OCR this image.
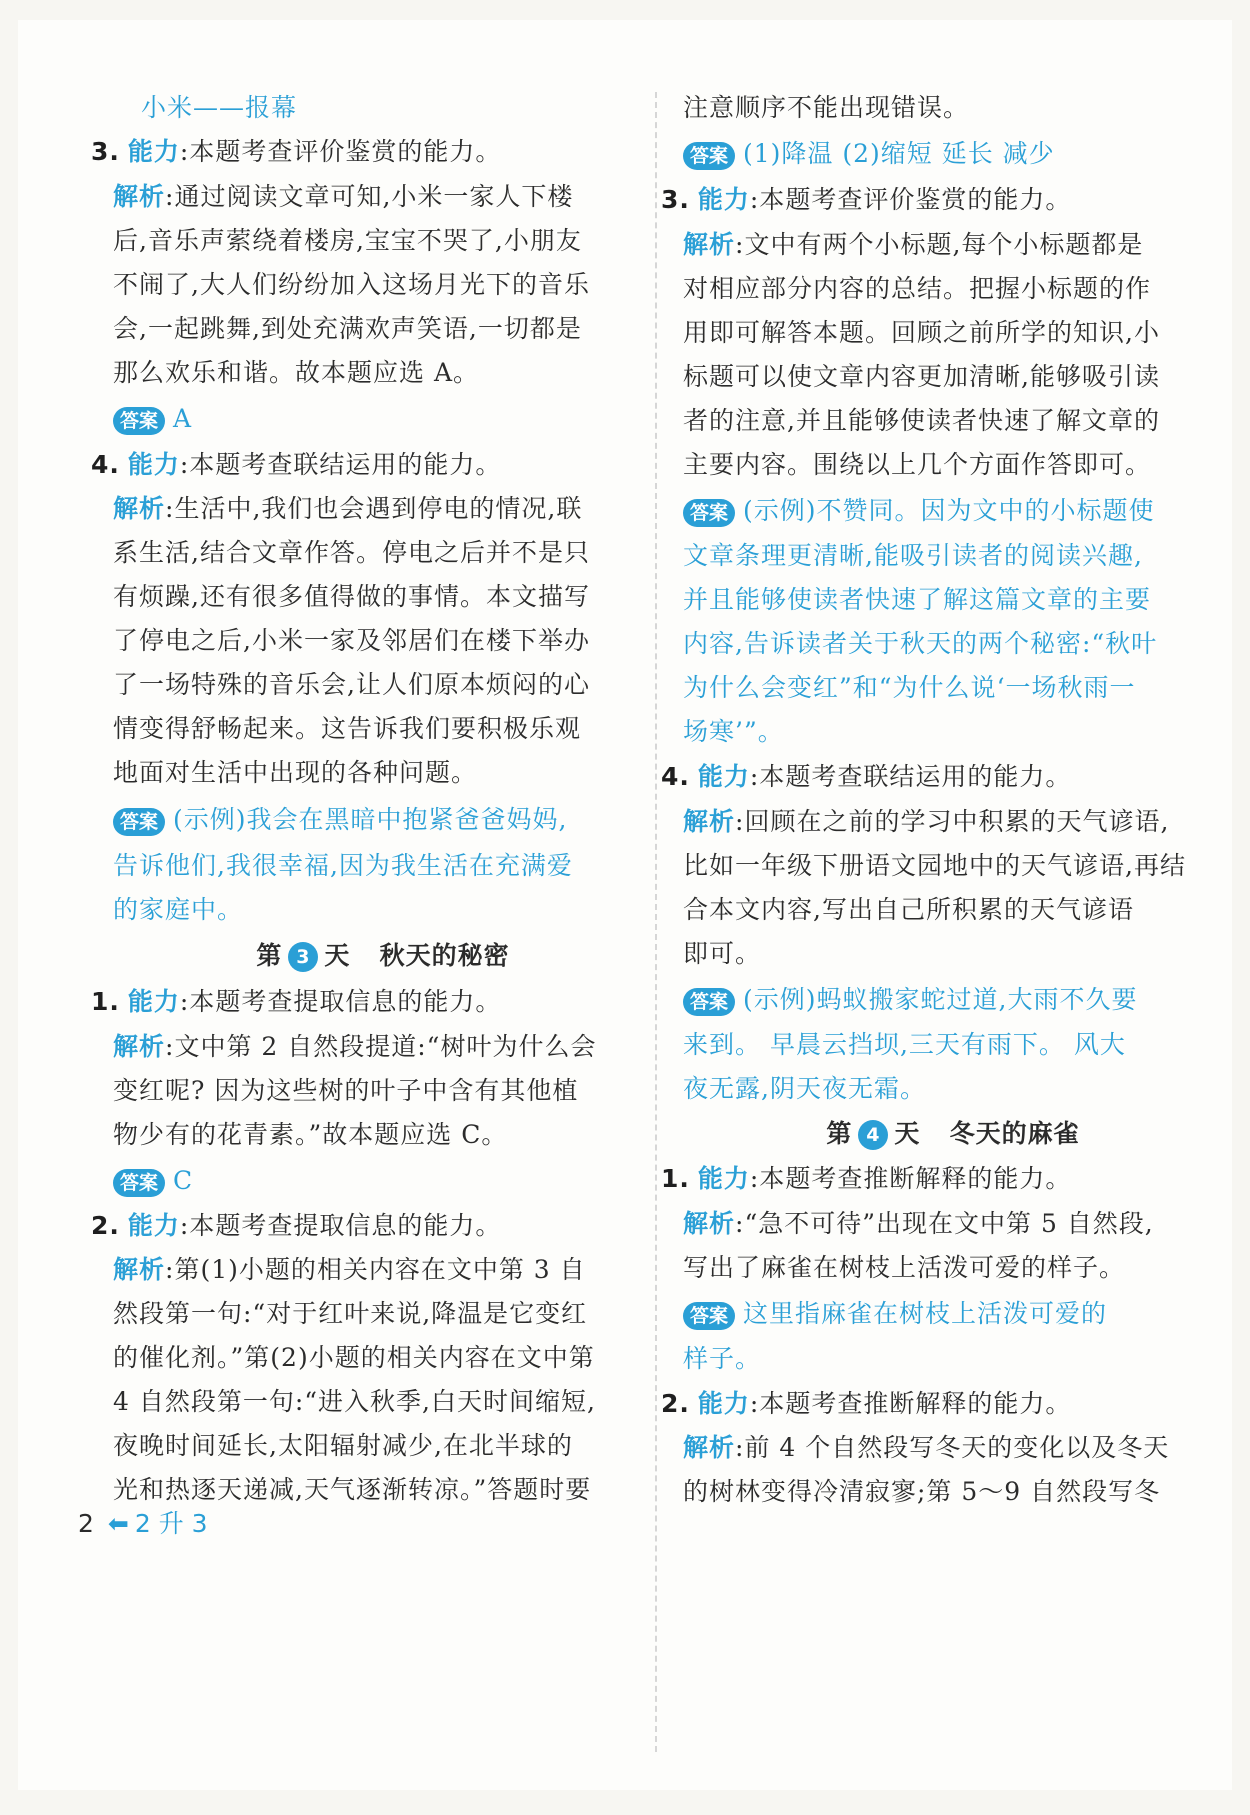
小米——报幕
3. 能力:本题考查评价鉴赏的能力。
解析:通过阅读文章可知,小米一家人下楼
后,音乐声萦绕着楼房,宝宝不哭了,小朋友
不闹了,大人们纷纷加入这场月光下的音乐
会,一起跳舞,到处充满欢声笑语,一切都是
那么欢乐和谐。故本题应选 A。
答案 A
4. 能力:本题考查联结运用的能力。
解析:生活中,我们也会遇到停电的情况,联
系生活,结合文章作答。停电之后并不是只
有烦躁,还有很多值得做的事情。本文描写
了停电之后,小米一家及邻居们在楼下举办
了一场特殊的音乐会,让人们原本烦闷的心
情变得舒畅起来。这告诉我们要积极乐观
地面对生活中出现的各种问题。
答案 (示例)我会在黑暗中抱紧爸爸妈妈,
告诉他们,我很幸福,因为我生活在充满爱
的家庭中。
第 3 天 秋天的秘密
1. 能力:本题考查提取信息的能力。
解析:文中第 2 自然段提道:“树叶为什么会
变红呢? 因为这些树的叶子中含有其他植
物少有的花青素。”故本题应选 C。
答案 C
2. 能力:本题考查提取信息的能力。
解析:第(1)小题的相关内容在文中第 3 自
然段第一句:“对于红叶来说,降温是它变红
的催化剂。”第(2)小题的相关内容在文中第
4 自然段第一句:“进入秋季,白天时间缩短,
夜晚时间延长,太阳辐射减少,在北半球的
光和热逐天递减,天气逐渐转凉。”答题时要
注意顺序不能出现错误。
答案 (1)降温 (2)缩短 延长 减少
3. 能力:本题考查评价鉴赏的能力。
解析:文中有两个小标题,每个小标题都是
对相应部分内容的总结。把握小标题的作
用即可解答本题。回顾之前所学的知识,小
标题可以使文章内容更加清晰,能够吸引读
者的注意,并且能够使读者快速了解文章的
主要内容。围绕以上几个方面作答即可。
答案 (示例)不赞同。因为文中的小标题使
文章条理更清晰,能吸引读者的阅读兴趣,
并且能够使读者快速了解这篇文章的主要
内容,告诉读者关于秋天的两个秘密:“秋叶
为什么会变红”和“为什么说‘一场秋雨一
场寒’”。
4. 能力:本题考查联结运用的能力。
解析:回顾在之前的学习中积累的天气谚语,
比如一年级下册语文园地中的天气谚语,再结
合本文内容,写出自己所积累的天气谚语
即可。
答案 (示例)蚂蚁搬家蛇过道,大雨不久要
来到。 早晨云挡坝,三天有雨下。 风大
夜无露,阴天夜无霜。
第 4 天 冬天的麻雀
1. 能力:本题考查推断解释的能力。
解析:“急不可待”出现在文中第 5 自然段,
写出了麻雀在树枝上活泼可爱的样子。
答案 这里指麻雀在树枝上活泼可爱的
样子。
2. 能力:本题考查推断解释的能力。
解析:前 4 个自然段写冬天的变化以及冬天
的树林变得冷清寂寥;第 5～9 自然段写冬
2 ⬅ 2 升 3
